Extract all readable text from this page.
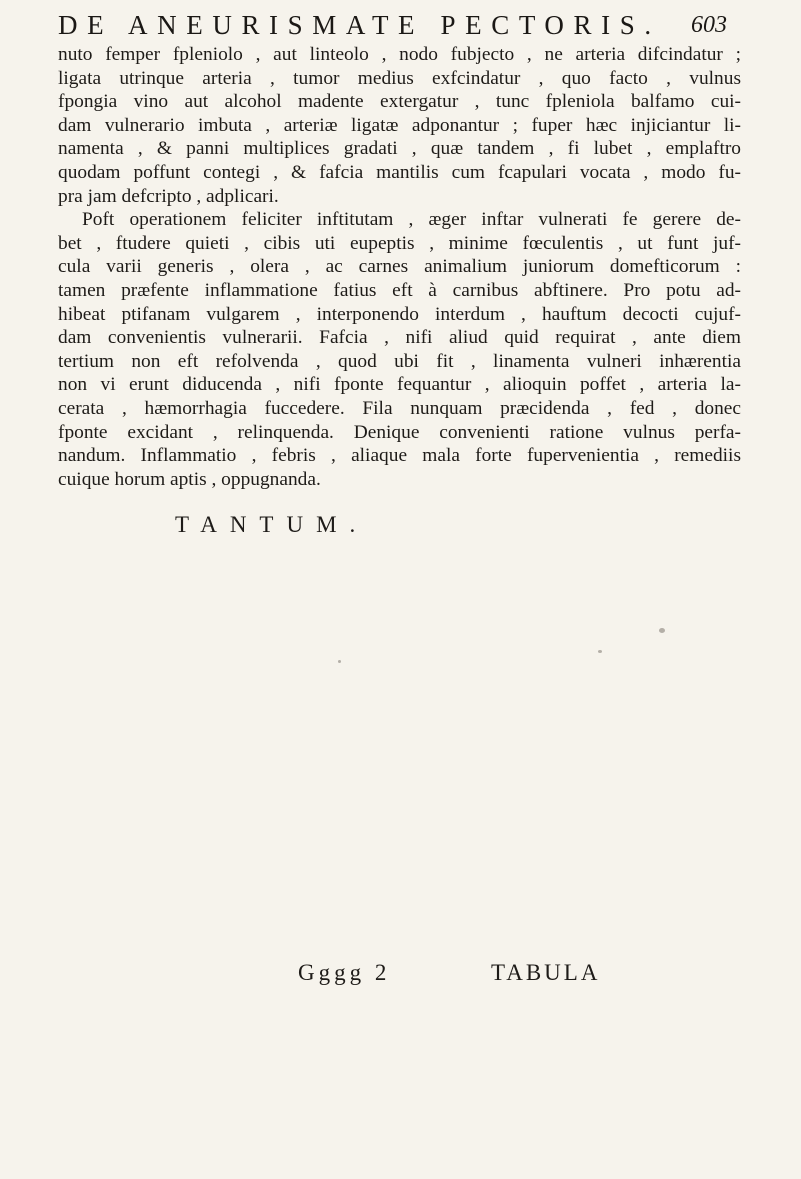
DE ANEURISMATE PECTORIS. 603
nuto femper fpleniolo , aut linteolo , nodo fubjecto , ne arteria difcindatur ;
ligata utrinque arteria , tumor medius exfcindatur , quo facto , vulnus
fpongia vino aut alcohol madente extergatur , tunc fpleniola balfamo cui-
dam vulnerario imbuta , arteriæ ligatæ adponantur ; fuper hæc injiciantur li-
namenta , & panni multiplices gradati , quæ tandem , fi lubet , emplaftro
quodam poffunt contegi , & fafcia mantilis cum fcapulari vocata , modo fu-
pra jam defcripto , adplicari.
Poft operationem feliciter inftitutam , æger inftar vulnerati fe gerere de-
bet , ftudere quieti , cibis uti eupeptis , minime fœculentis , ut funt juf-
cula varii generis , olera , ac carnes animalium juniorum domefticorum :
tamen præfente inflammatione fatius eft à carnibus abftinere. Pro potu ad-
hibeat ptifanam vulgarem , interponendo interdum , hauftum decocti cujuf-
dam convenientis vulnerarii. Fafcia , nifi aliud quid requirat , ante diem
tertium non eft refolvenda , quod ubi fit , linamenta vulneri inhærentia
non vi erunt diducenda , nifi fponte fequantur , alioquin poffet , arteria la-
cerata , hæmorrhagia fuccedere. Fila nunquam præcidenda , fed , donec
fponte excidant , relinquenda. Denique convenienti ratione vulnus perfa-
nandum. Inflammatio , febris , aliaque mala forte fupervenientia , remediis
cuique horum aptis , oppugnanda.
TANTUM.
Gggg 2	TABULA
